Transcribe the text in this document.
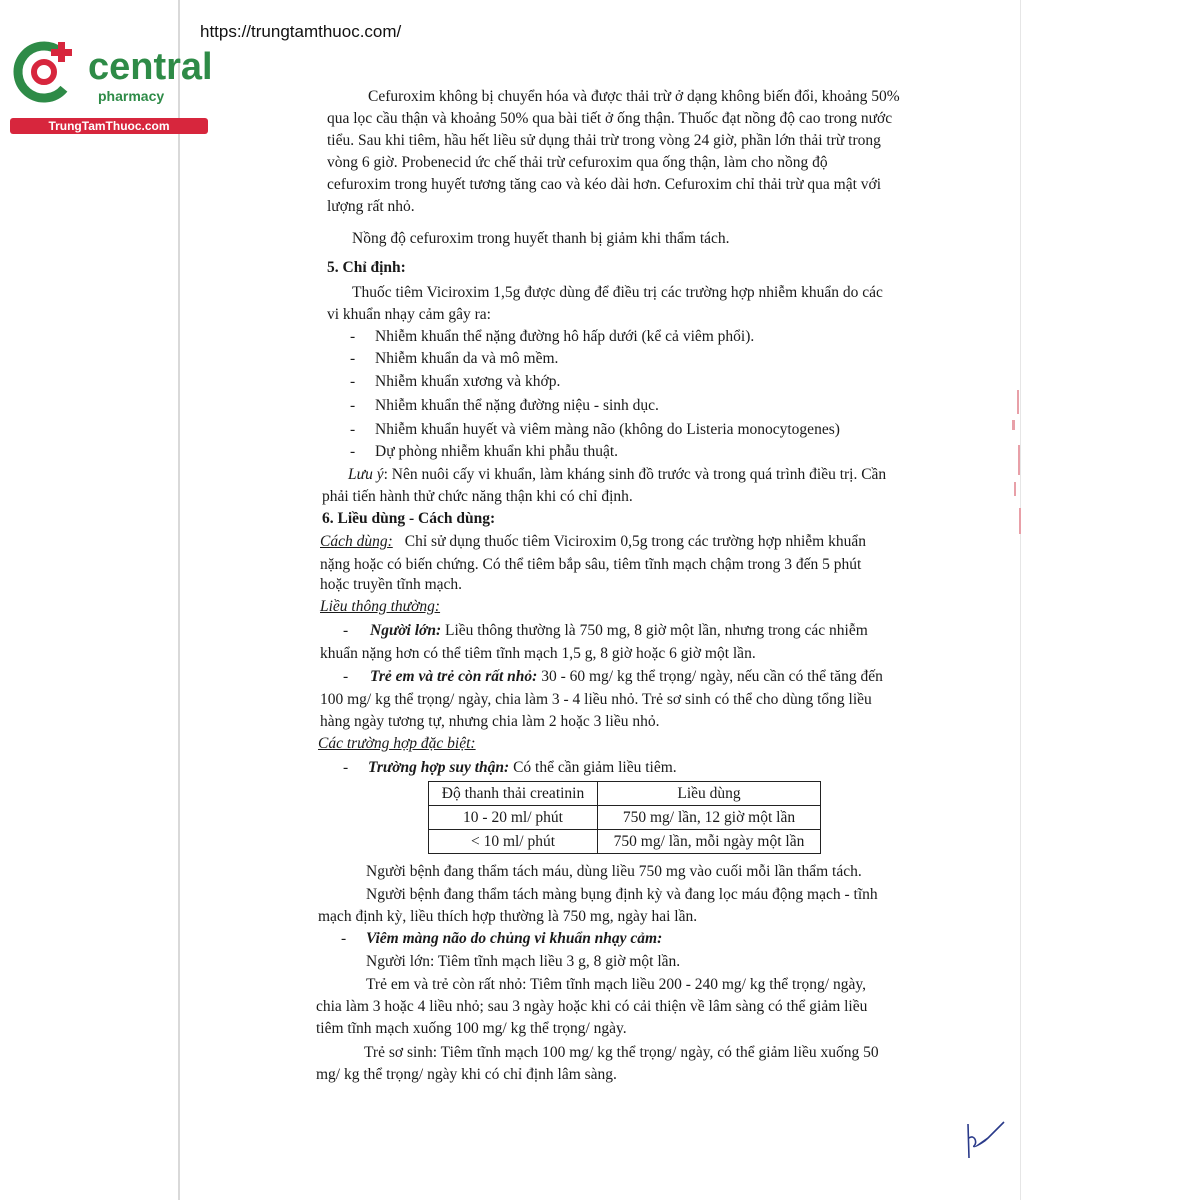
https://trungtamthuoc.com/
central
pharmacy
TrungTamThuoc.com
Cefuroxim không bị chuyển hóa và được thải trừ ở dạng không biến đổi, khoảng 50%
qua lọc cầu thận và khoảng 50% qua bài tiết ở ống thận. Thuốc đạt nồng độ cao trong nước
tiểu. Sau khi tiêm, hầu hết liều sử dụng thải trừ trong vòng 24 giờ, phần lớn thải trừ trong
vòng 6 giờ. Probenecid ức chế thải trừ cefuroxim qua ống thận, làm cho nồng độ
cefuroxim trong huyết tương tăng cao và kéo dài hơn. Cefuroxim chỉ thải trừ qua mật với
lượng rất nhỏ.
Nồng độ cefuroxim trong huyết thanh bị giảm khi thẩm tách.
5. Chỉ định:
Thuốc tiêm Viciroxim 1,5g được dùng để điều trị các trường hợp nhiễm khuẩn do các
vi khuẩn nhạy cảm gây ra:
- Nhiễm khuẩn thể nặng đường hô hấp dưới (kể cả viêm phổi).
- Nhiễm khuẩn da và mô mềm.
- Nhiễm khuẩn xương và khớp.
- Nhiễm khuẩn thể nặng đường niệu - sinh dục.
- Nhiễm khuẩn huyết và viêm màng não (không do Listeria monocytogenes)
- Dự phòng nhiễm khuẩn khi phẫu thuật.
Lưu ý: Nên nuôi cấy vi khuẩn, làm kháng sinh đồ trước và trong quá trình điều trị. Cần
phải tiến hành thử chức năng thận khi có chỉ định.
6. Liều dùng - Cách dùng:
Cách dùng: Chỉ sử dụng thuốc tiêm Viciroxim 0,5g trong các trường hợp nhiễm khuẩn
nặng hoặc có biến chứng. Có thể tiêm bắp sâu, tiêm tĩnh mạch chậm trong 3 đến 5 phút
hoặc truyền tĩnh mạch.
Liều thông thường:
- Người lớn: Liều thông thường là 750 mg, 8 giờ một lần, nhưng trong các nhiễm
khuẩn nặng hơn có thể tiêm tĩnh mạch 1,5 g, 8 giờ hoặc 6 giờ một lần.
- Trẻ em và trẻ còn rất nhỏ: 30 - 60 mg/ kg thể trọng/ ngày, nếu cần có thể tăng đến
100 mg/ kg thể trọng/ ngày, chia làm 3 - 4 liều nhỏ. Trẻ sơ sinh có thể cho dùng tổng liều
hàng ngày tương tự, nhưng chia làm 2 hoặc 3 liều nhỏ.
Các trường hợp đặc biệt:
- Trường hợp suy thận: Có thể cần giảm liều tiêm.
Độ thanh thải creatinin	Liều dùng
10 - 20 ml/ phút	750 mg/ lần, 12 giờ một lần
< 10 ml/ phút	750 mg/ lần, mỗi ngày một lần
Người bệnh đang thẩm tách máu, dùng liều 750 mg vào cuối mỗi lần thẩm tách.
Người bệnh đang thẩm tách màng bụng định kỳ và đang lọc máu động mạch - tĩnh
mạch định kỳ, liều thích hợp thường là 750 mg, ngày hai lần.
- Viêm màng não do chủng vi khuẩn nhạy cảm:
Người lớn: Tiêm tĩnh mạch liều 3 g, 8 giờ một lần.
Trẻ em và trẻ còn rất nhỏ: Tiêm tĩnh mạch liều 200 - 240 mg/ kg thể trọng/ ngày,
chia làm 3 hoặc 4 liều nhỏ; sau 3 ngày hoặc khi có cải thiện về lâm sàng có thể giảm liều
tiêm tĩnh mạch xuống 100 mg/ kg thể trọng/ ngày.
Trẻ sơ sinh: Tiêm tĩnh mạch 100 mg/ kg thể trọng/ ngày, có thể giảm liều xuống 50
mg/ kg thể trọng/ ngày khi có chỉ định lâm sàng.
